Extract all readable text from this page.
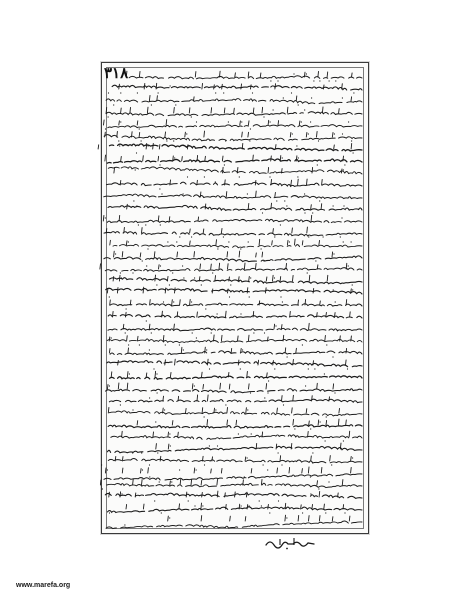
۳۱۸
www.marefa.org
